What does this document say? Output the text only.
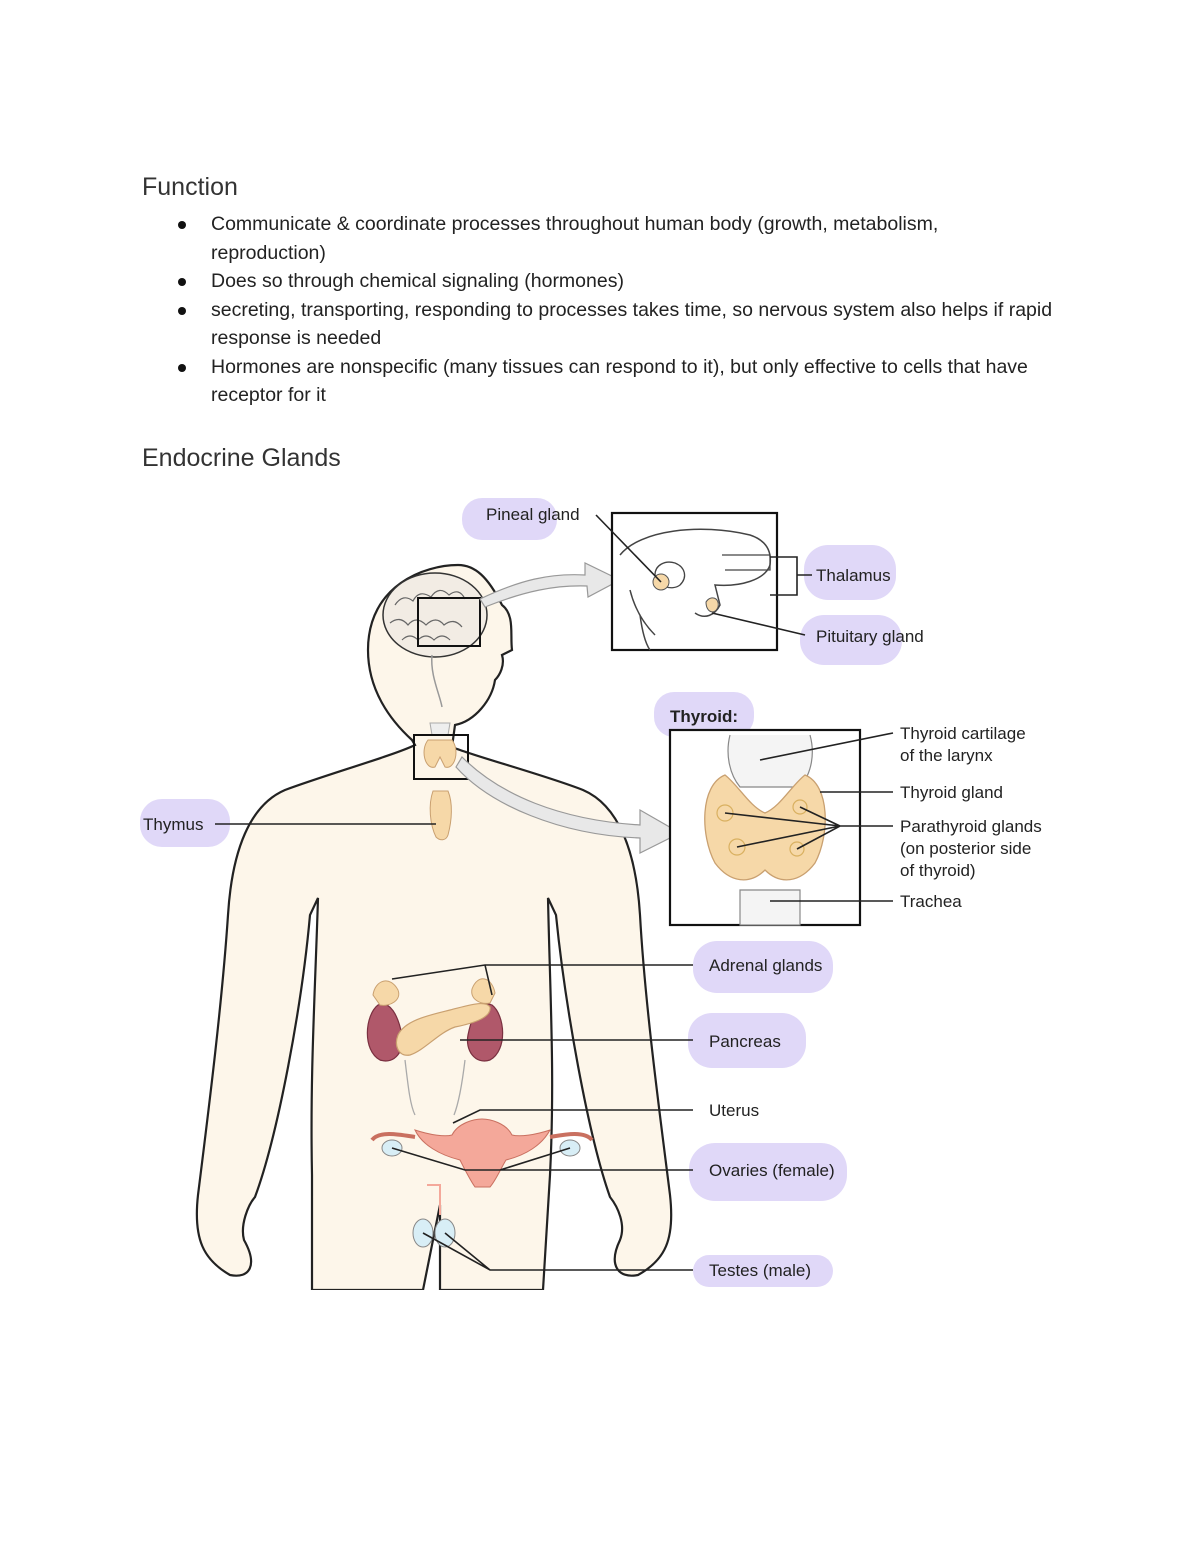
Function
Communicate & coordinate processes throughout human body (growth, metabolism, reproduction)
Does so through chemical signaling (hormones)
secreting, transporting, responding to processes takes time, so nervous system also helps if rapid response is needed
Hormones are nonspecific (many tissues can respond to it), but only effective to cells that have receptor for it
Endocrine Glands
Pineal gland
Thalamus
Pituitary gland
Thyroid:
Thyroid cartilage
of the larynx
Thyroid gland
Parathyroid glands
(on posterior side
of thyroid)
Trachea
Thymus
Adrenal glands
Pancreas
Uterus
Ovaries (female)
Testes (male)
